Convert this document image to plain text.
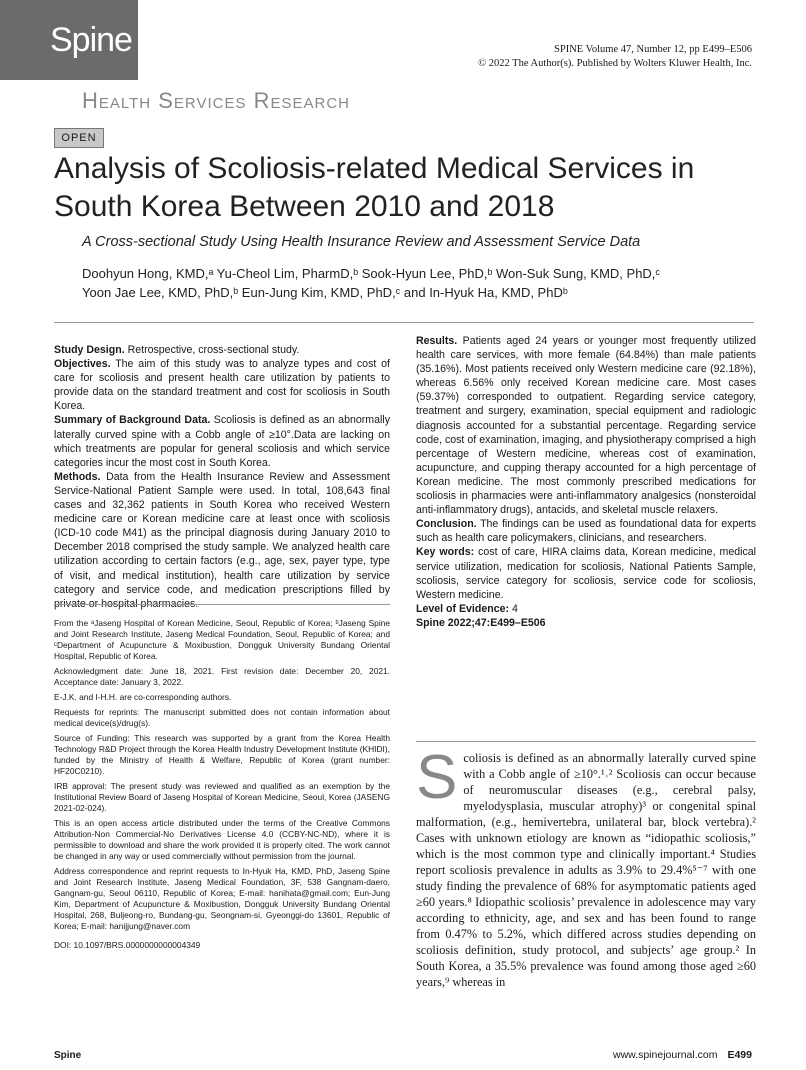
Spine	SPINE Volume 47, Number 12, pp E499–E506
© 2022 The Author(s). Published by Wolters Kluwer Health, Inc.
Health Services Research
OPEN
Analysis of Scoliosis-related Medical Services in South Korea Between 2010 and 2018
A Cross-sectional Study Using Health Insurance Review and Assessment Service Data
Doohyun Hong, KMD,ᵃ Yu-Cheol Lim, PharmD,ᵇ Sook-Hyun Lee, PhD,ᵇ Won-Suk Sung, KMD, PhD,ᶜ
Yoon Jae Lee, KMD, PhD,ᵇ Eun-Jung Kim, KMD, PhD,ᶜ and In-Hyuk Ha, KMD, PhDᵇ

Study Design. Retrospective, cross-sectional study.

Objectives. The aim of this study was to analyze types and cost of care for scoliosis and present health care utilization by patients to provide data on the standard treatment and cost for scoliosis in South Korea.

Summary of Background Data. Scoliosis is defined as an abnormally laterally curved spine with a Cobb angle of ≥10°.Data are lacking on which treatments are popular for general scoliosis and which service categories incur the most cost in South Korea.

Methods. Data from the Health Insurance Review and Assessment Service-National Patient Sample were used. In total, 108,643 final cases and 32,362 patients in South Korea who received Western medicine care or Korean medicine care at least once with scoliosis (ICD-10 code M41) as the principal diagnosis during January 2010 to December 2018 comprised the study sample. We analyzed health care utilization according to certain factors (e.g., age, sex, payer type, type of visit, and medical institution), health care utilization by service category and service code, and medication prescriptions filled by private or hospital pharmacies.

Results. Patients aged 24 years or younger most frequently utilized health care services, with more female (64.84%) than male patients (35.16%). Most patients received only Western medicine care (92.18%), whereas 6.56% only received Korean medicine care. Most cases (59.37%) corresponded to outpatient. Regarding service category, treatment and surgery, examination, special equipment and radiologic diagnosis accounted for a substantial percentage. Regarding service code, cost of examination, imaging, and physiotherapy comprised a high percentage of Western medicine, whereas cost of examination, acupuncture, and cupping therapy accounted for a high percentage of Korean medicine. The most commonly prescribed medications for scoliosis in pharmacies were anti-inflammatory analgesics (nonsteroidal anti-inflammatory drugs), antacids, and skeletal muscle relaxers.

Conclusion. The findings can be used as foundational data for experts such as health care policymakers, clinicians, and researchers.

Key words: cost of care, HIRA claims data, Korean medicine, medical service utilization, medication for scoliosis, National Patients Sample, scoliosis, service category for scoliosis, service code for scoliosis, Western medicine.

Level of Evidence: 4

Spine 2022;47:E499–E506

From the ᵃJaseng Hospital of Korean Medicine, Seoul, Republic of Korea; ᵇJaseng Spine and Joint Research Institute, Jaseng Medical Foundation, Seoul, Republic of Korea; and ᶜDepartment of Acupuncture & Moxibustion, Dongguk University Bundang Oriental Hospital, Republic of Korea.

Acknowledgment date: June 18, 2021. First revision date: December 20, 2021. Acceptance date: January 3, 2022.

E-J.K. and I-H.H. are co-corresponding authors.

Requests for reprints: The manuscript submitted does not contain information about medical device(s)/drug(s).

Source of Funding: This research was supported by a grant from the Korea Health Technology R&D Project through the Korea Health Industry Development Institute (KHIDI), funded by the Ministry of Health & Welfare, Republic of Korea (grant number: HF20C0210).

IRB approval: The present study was reviewed and qualified as an exemption by the Institutional Review Board of Jaseng Hospital of Korean Medicine, Seoul, Korea (JASENG 2021-02-024).

This is an open access article distributed under the terms of the Creative Commons Attribution-Non Commercial-No Derivatives License 4.0 (CCBY-NC-ND), where it is permissible to download and share the work provided it is properly cited. The work cannot be changed in any way or used commercially without permission from the journal.

Address correspondence and reprint requests to In-Hyuk Ha, KMD, PhD, Jaseng Spine and Joint Research Institute, Jaseng Medical Foundation, 3F, 538 Gangnam-daero, Gangnam-gu, Seoul 06110, Republic of Korea; E-mail: hanihata@gmail.com; Eun-Jung Kim, Department of Acupuncture & Moxibustion, Dongguk University Bundang Oriental Hospital, 268, Buljeong-ro, Bundang-gu, Seongnam-si, Gyeonggi-do 13601, Republic of Korea; E-mail: hanijjung@naver.com

DOI: 10.1097/BRS.0000000000004349

Scoliosis is defined as an abnormally laterally curved spine with a Cobb angle of ≥10°.¹˒² Scoliosis can occur because of neuromuscular diseases (e.g., cerebral palsy, myelodysplasia, muscular atrophy)³ or congenital spinal malformation, (e.g., hemivertebra, unilateral bar, block vertebra).² Cases with unknown etiology are known as “idiopathic scoliosis,” which is the most common type and clinically important.⁴ Studies report scoliosis prevalence in adults as 3.9% to 29.4%⁵⁻⁷ with one study finding the prevalence of 68% for asymptomatic patients aged ≥60 years.⁸ Idiopathic scoliosis’ prevalence in adolescence may vary according to ethnicity, age, and sex and has been found to range from 0.47% to 5.2%, which differed across studies depending on scoliosis definition, study protocol, and subjects’ age group.² In South Korea, a 35.5% prevalence was found among those aged ≥60 years,⁹ whereas in
Spine	www.spinejournal.com E499
